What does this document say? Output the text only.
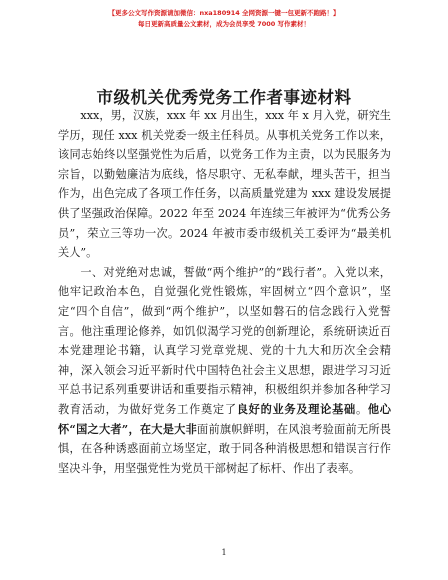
【更多公文写作资源请加微信：nxa180914 全网资源一键一包更新不跑路！】
每日更新高质量公文素材，成为会员享受 7000 写作素材！
市级机关优秀党务工作者事迹材料

xxx，男，汉族，xxx 年 xx 月出生，xxx 年 x 月入党，研究生学历，现任 xxx 机关党委一级主任科员。从事机关党务工作以来，该同志始终以坚强党性为后盾，以党务工作为主责，以为民服务为宗旨，以勤勉廉洁为底线，恪尽职守、无私奉献，埋头苦干，担当作为，出色完成了各项工作任务，以高质量党建为 xxx 建设发展提供了坚强政治保障。2022 年至 2024 年连续三年被评为“优秀公务员”，荣立三等功一次。2024 年被市委市级机关工委评为“最美机关人”。

一、对党绝对忠诚，誓做“两个维护”的“践行者”。入党以来，他牢记政治本色，自觉强化党性锻炼，牢固树立“四个意识”，坚定“四个自信”，做到“两个维护”，以坚如磐石的信念践行入党誓言。他注重理论修养，如饥似渴学习党的创新理论，系统研读近百本党建理论书籍，认真学习党章党规、党的十九大和历次全会精神，深入领会习近平新时代中国特色社会主义思想，跟进学习习近平总书记系列重要讲话和重要指示精神，积极组织并参加各种学习教育活动，为做好党务工作奠定了良好的业务及理论基础。他心怀“国之大者”，在大是大非面前旗帜鲜明，在风浪考验面前无所畏惧，在各种诱惑面前立场坚定，敢于同各种消极思想和错误言行作坚决斗争，用坚强党性为党员干部树起了标杆、作出了表率。

1
